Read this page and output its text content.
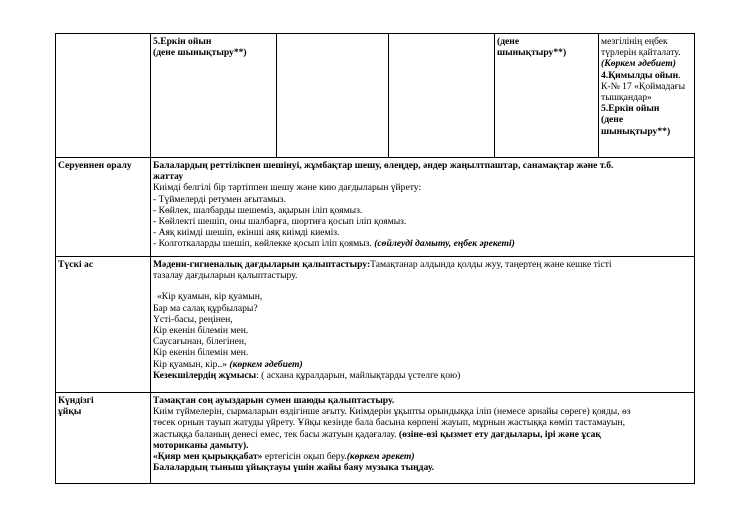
5.Еркін ойын

(дене шынықтыру**)

(дене

шынықтыру**)

мезгілінің еңбек

түрлерін қайталату.

(Көркем әдебиет)

4.Қимылды ойын.

К-№ 17 «Қоймадағы

тышқандар»

5.Еркін ойын

(дене

шынықтыру**)

Серуеннен оралу Балалардың реттілікпен шешінуі, жұмбақтар шешу, өлеңдер, әндер жаңылтпаштар, санамақтар және т.б.

жаттау

Киімді белгілі бір тәртіппен шешу және кию дағдыларын үйрету:

- Түймелерді ретумен ағытамыз.

- Көйлек, шалбарды шешеміз, ақырын іліп қоямыз.

- Көйлекті шешіп, оны шалбарға, шортиға қосып іліп қоямыз.

- Аяқ киімді шешіп, екінші аяқ киімді киеміз.

- Колготкаларды шешіп, көйлекке қосып іліп қоямыз. (сөйлеуді дамыту, еңбек әрекеті)

Түскі ас	Мәдени-гигиеналық дағдыларын қалыптастыру:Тамақтанар алдында қолды жуу, таңертең және кешке тісті

тазалау дағдыларын қалыптастыру.

«Кір қуамын, кір қуамын,

Бар ма салақ құрбылары?

Үсті-басы, реңінен,

Кір екенін білемін мен.

Саусағынан, білегінен,

Кір екенін білемін мен.

Кір қуамын, кір..» (көркем әдебиет)

Кезекшілердің жұмысы: ( асхана құралдарын, майлықтарды үстелге қою)

Күндізгі

ұйқы

Тамақтан соң ауыздарын сумен шаюды қалыптастыру.

Киім түймелерін, сырмаларын өздігінше ағыту. Киімдерін ұқыпты орындыққа іліп (немесе арнайы сөреге) қояды, өз

төсек орнын тауып жатуды үйрету. Ұйқы кезінде бала басына көрпені жауып, мұрнын жастыққа көміп тастамауын,

жастыққа баланың денесі емес, тек басы жатуын қадағалау. (өзіне-өзі қызмет ету дағдылары, ірі және ұсақ

моториканы дамыту).

«Қияр мен қырыққабат» ертегісін оқып беру.(көркем әрекет)

Балалардың тыныш ұйықтауы үшін жайы баяу музыка тыңдау.
